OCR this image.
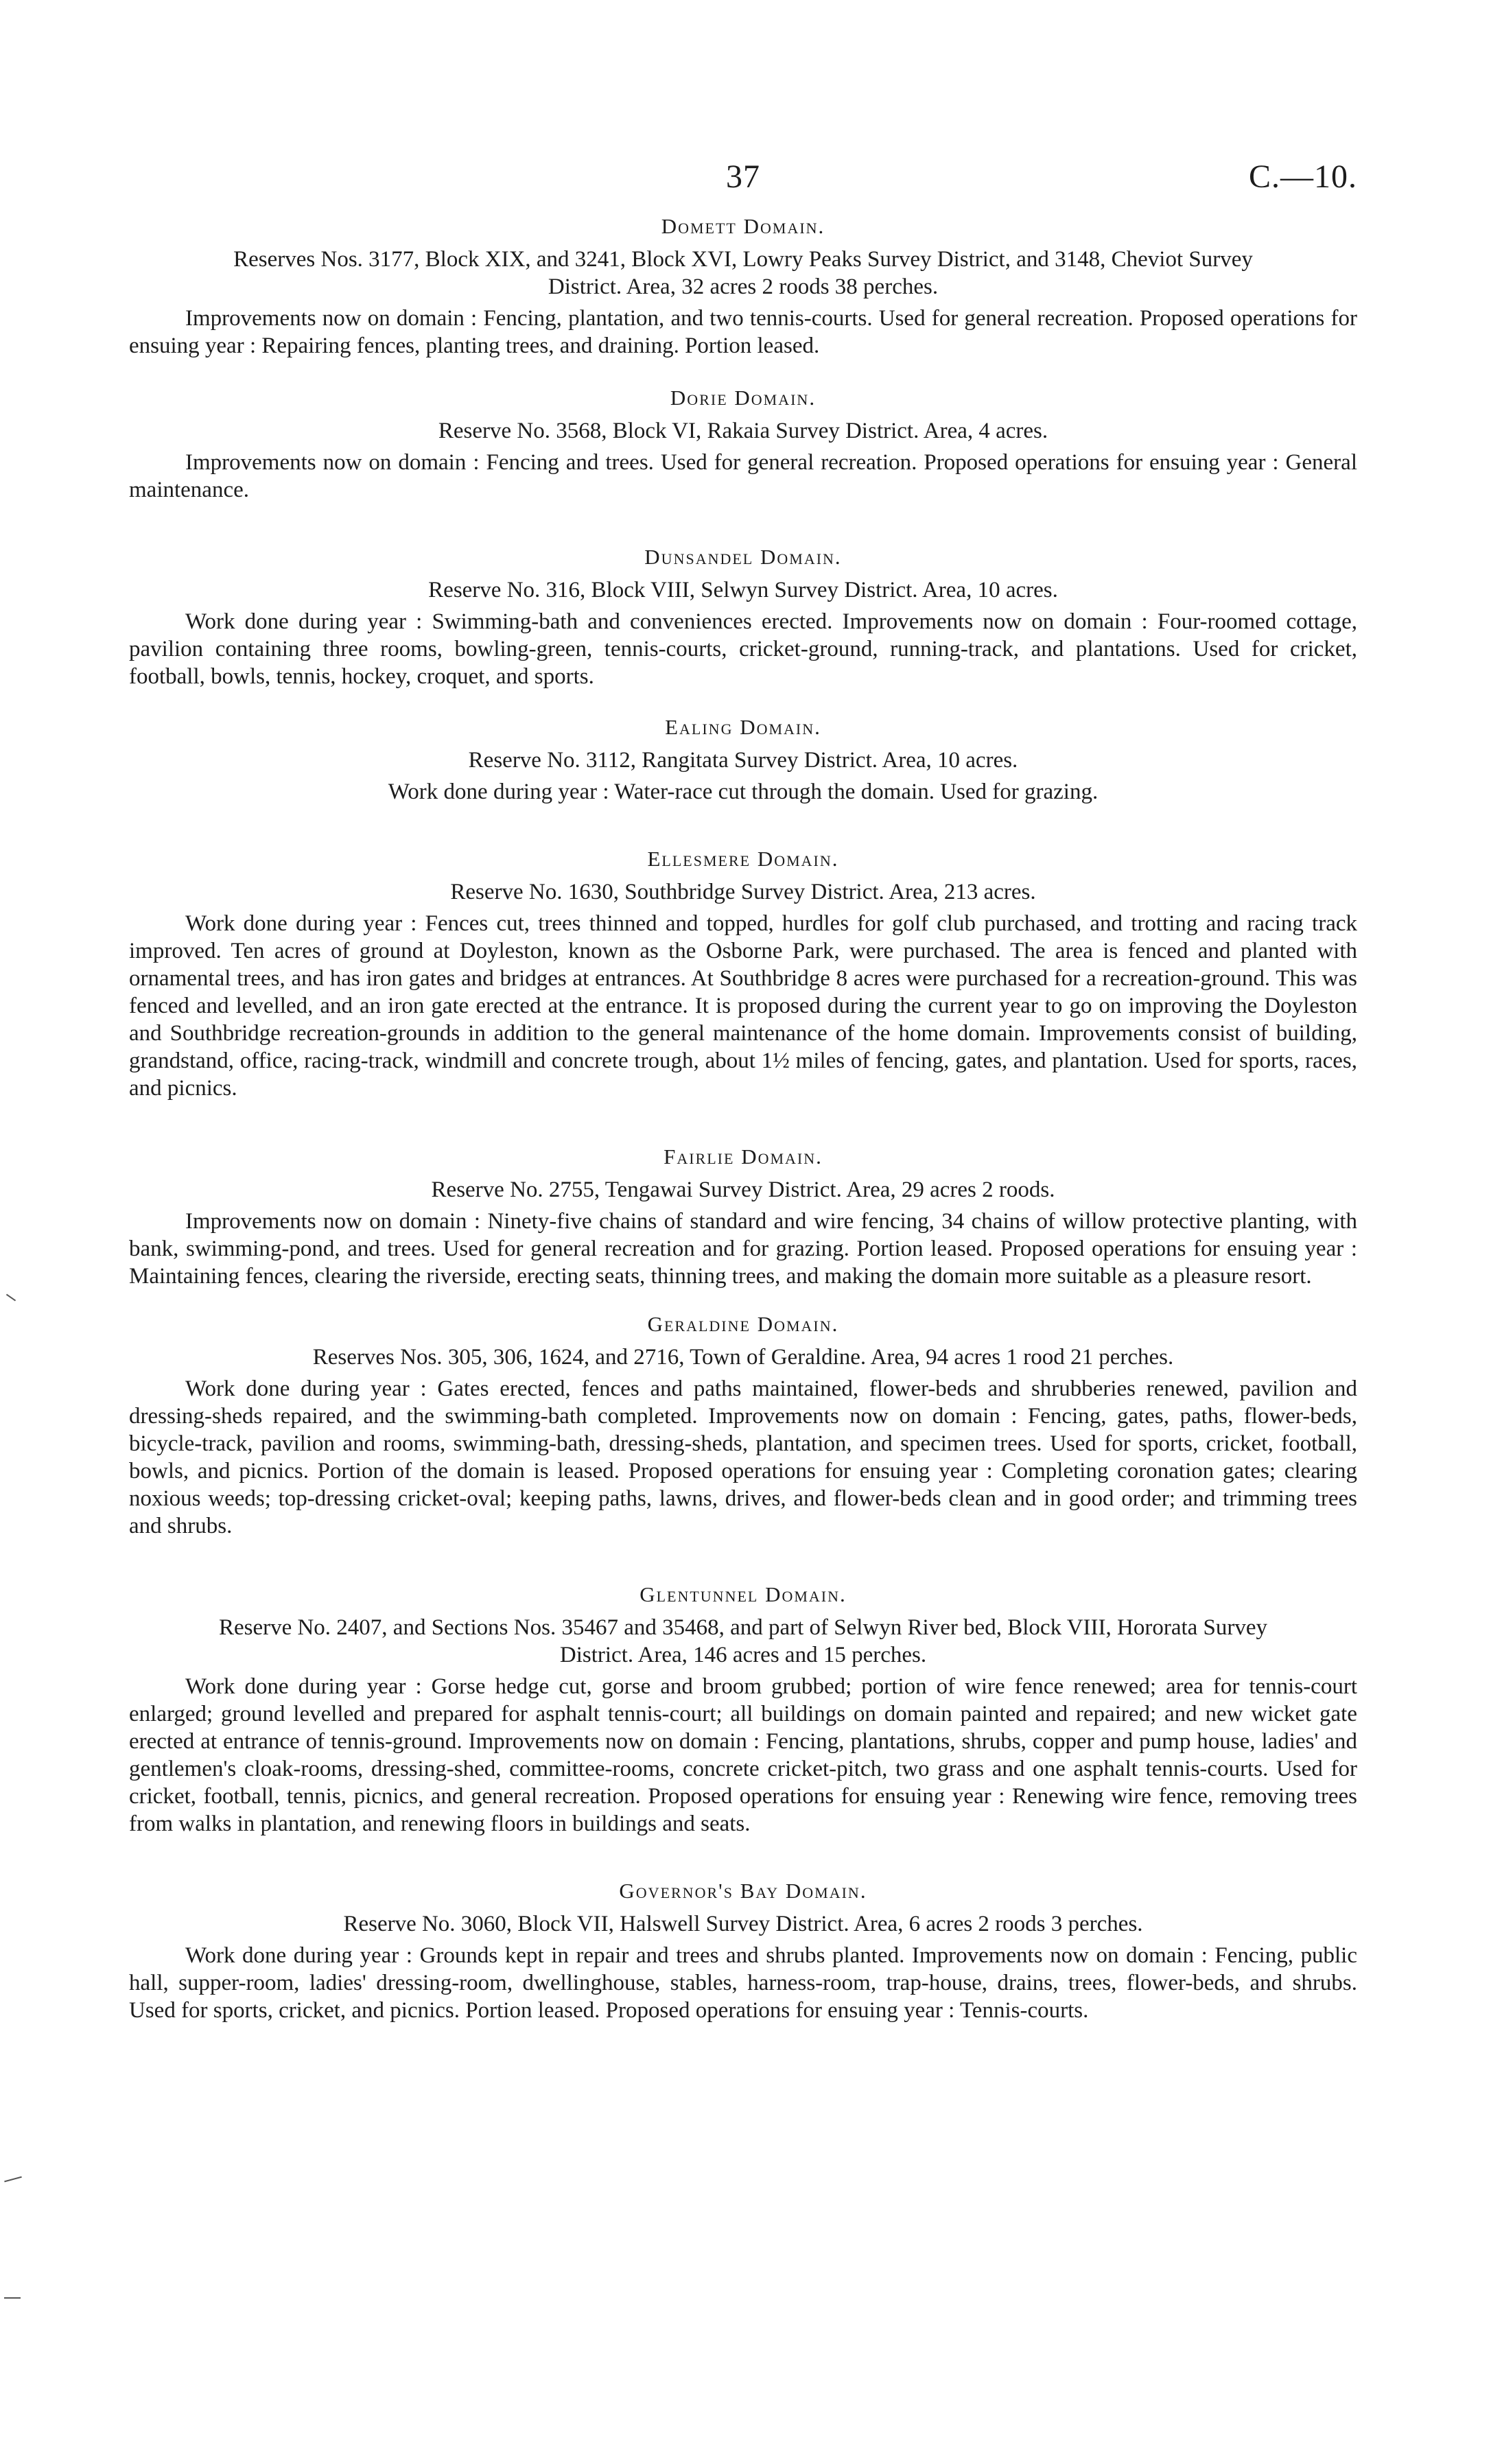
37	C.—10.
Domett Domain.
Reserves Nos. 3177, Block XIX, and 3241, Block XVI, Lowry Peaks Survey District, and 3148, Cheviot Survey District. Area, 32 acres 2 roods 38 perches.

Improvements now on domain : Fencing, plantation, and two tennis-courts. Used for general recreation. Proposed operations for ensuing year : Repairing fences, planting trees, and draining. Portion leased.

Dorie Domain.
Reserve No. 3568, Block VI, Rakaia Survey District. Area, 4 acres.

Improvements now on domain : Fencing and trees. Used for general recreation. Proposed operations for ensuing year : General maintenance.

Dunsandel Domain.
Reserve No. 316, Block VIII, Selwyn Survey District. Area, 10 acres.

Work done during year : Swimming-bath and conveniences erected. Improvements now on domain : Four-roomed cottage, pavilion containing three rooms, bowling-green, tennis-courts, cricket-ground, running-track, and plantations. Used for cricket, football, bowls, tennis, hockey, croquet, and sports.

Ealing Domain.
Reserve No. 3112, Rangitata Survey District. Area, 10 acres.

Work done during year : Water-race cut through the domain. Used for grazing.

Ellesmere Domain.
Reserve No. 1630, Southbridge Survey District. Area, 213 acres.

Work done during year : Fences cut, trees thinned and topped, hurdles for golf club purchased, and trotting and racing track improved. Ten acres of ground at Doyleston, known as the Osborne Park, were purchased. The area is fenced and planted with ornamental trees, and has iron gates and bridges at entrances. At Southbridge 8 acres were purchased for a recreation-ground. This was fenced and levelled, and an iron gate erected at the entrance. It is proposed during the current year to go on improving the Doyleston and Southbridge recreation-grounds in addition to the general maintenance of the home domain. Improvements consist of building, grandstand, office, racing-track, windmill and concrete trough, about 1½ miles of fencing, gates, and plantation. Used for sports, races, and picnics.

Fairlie Domain.
Reserve No. 2755, Tengawai Survey District. Area, 29 acres 2 roods.

Improvements now on domain : Ninety-five chains of standard and wire fencing, 34 chains of willow protective planting, with bank, swimming-pond, and trees. Used for general recreation and for grazing. Portion leased. Proposed operations for ensuing year : Maintaining fences, clearing the riverside, erecting seats, thinning trees, and making the domain more suitable as a pleasure resort.

Geraldine Domain.
Reserves Nos. 305, 306, 1624, and 2716, Town of Geraldine. Area, 94 acres 1 rood 21 perches.

Work done during year : Gates erected, fences and paths maintained, flower-beds and shrubberies renewed, pavilion and dressing-sheds repaired, and the swimming-bath completed. Improvements now on domain : Fencing, gates, paths, flower-beds, bicycle-track, pavilion and rooms, swimming-bath, dressing-sheds, plantation, and specimen trees. Used for sports, cricket, football, bowls, and picnics. Portion of the domain is leased. Proposed operations for ensuing year : Completing coronation gates; clearing noxious weeds; top-dressing cricket-oval; keeping paths, lawns, drives, and flower-beds clean and in good order; and trimming trees and shrubs.

Glentunnel Domain.
Reserve No. 2407, and Sections Nos. 35467 and 35468, and part of Selwyn River bed, Block VIII, Hororata Survey District. Area, 146 acres and 15 perches.

Work done during year : Gorse hedge cut, gorse and broom grubbed; portion of wire fence renewed; area for tennis-court enlarged; ground levelled and prepared for asphalt tennis-court; all buildings on domain painted and repaired; and new wicket gate erected at entrance of tennis-ground. Improvements now on domain : Fencing, plantations, shrubs, copper and pump house, ladies' and gentlemen's cloak-rooms, dressing-shed, committee-rooms, concrete cricket-pitch, two grass and one asphalt tennis-courts. Used for cricket, football, tennis, picnics, and general recreation. Proposed operations for ensuing year : Renewing wire fence, removing trees from walks in plantation, and renewing floors in buildings and seats.

Governor's Bay Domain.
Reserve No. 3060, Block VII, Halswell Survey District. Area, 6 acres 2 roods 3 perches.

Work done during year : Grounds kept in repair and trees and shrubs planted. Improvements now on domain : Fencing, public hall, supper-room, ladies' dressing-room, dwellinghouse, stables, harness-room, trap-house, drains, trees, flower-beds, and shrubs. Used for sports, cricket, and picnics. Portion leased. Proposed operations for ensuing year : Tennis-courts.
